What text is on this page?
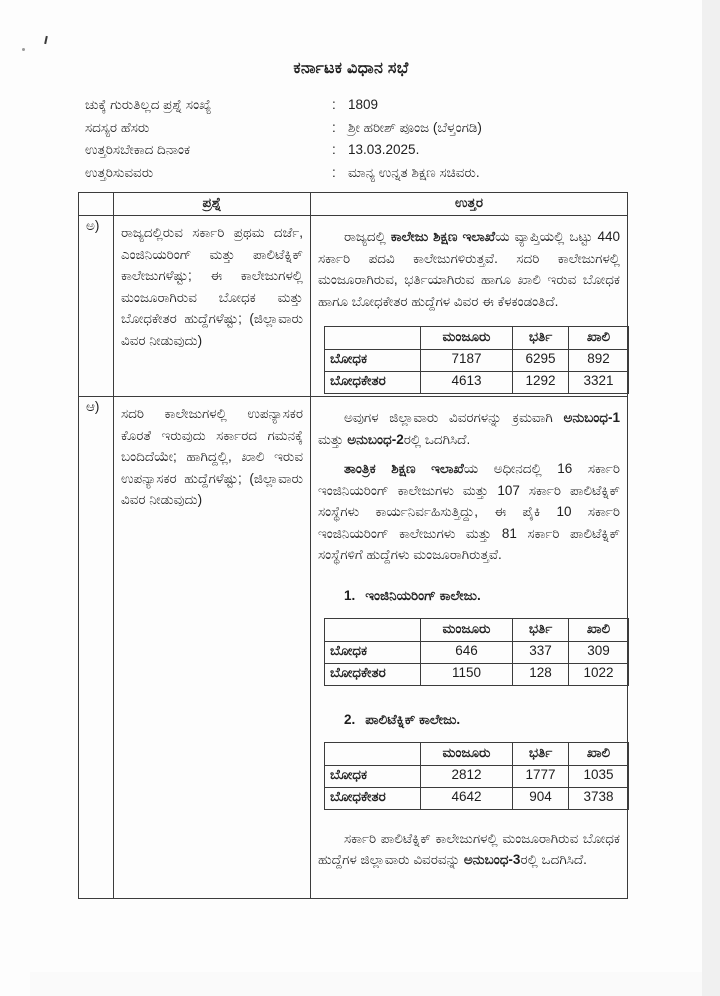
ಕರ್ನಾಟಕ ವಿಧಾನ ಸಭೆ
ಚುಕ್ಕೆ ಗುರುತಿಲ್ಲದ ಪ್ರಶ್ನೆ ಸಂಖ್ಯೆ	: 1809
ಸದಸ್ಯರ ಹೆಸರು	: ಶ್ರೀ ಹರೀಶ್ ಪೂಂಜ (ಬೆಳ್ತಂಗಡಿ)
ಉತ್ತರಿಸಬೇಕಾದ ದಿನಾಂಕ	: 13.03.2025.
ಉತ್ತರಿಸುವವರು	: ಮಾನ್ಯ ಉನ್ನತ ಶಿಕ್ಷಣ ಸಚಿವರು.
	ಪ್ರಶ್ನೆ	ಉತ್ತರ
ಅ)	ರಾಜ್ಯದಲ್ಲಿರುವ ಸರ್ಕಾರಿ ಪ್ರಥಮ ದರ್ಜೆ, ಎಂಜಿನಿಯರಿಂಗ್ ಮತ್ತು ಪಾಲಿಟೆಕ್ನಿಕ್ ಕಾಲೇಜುಗಳೆಷ್ಟು; ಈ ಕಾಲೇಜುಗಳಲ್ಲಿ ಮಂಜೂರಾಗಿರುವ ಬೋಧಕ ಮತ್ತು ಬೋಧಕೇತರ ಹುದ್ದೆಗಳೆಷ್ಟು; (ಜಿಲ್ಲಾವಾರು ವಿವರ ನೀಡುವುದು)

ರಾಜ್ಯದಲ್ಲಿ ಕಾಲೇಜು ಶಿಕ್ಷಣ ಇಲಾಖೆಯ ವ್ಯಾಪ್ತಿಯಲ್ಲಿ ಒಟ್ಟು 440 ಸರ್ಕಾರಿ ಪದವಿ ಕಾಲೇಜುಗಳಿರುತ್ತವೆ. ಸದರಿ ಕಾಲೇಜುಗಳಲ್ಲಿ ಮಂಜೂರಾಗಿರುವ, ಭರ್ತಿಯಾಗಿರುವ ಹಾಗೂ ಖಾಲಿ ಇರುವ ಬೋಧಕ ಹಾಗೂ ಬೋಧಕೇತರ ಹುದ್ದೆಗಳ ವಿವರ ಈ ಕೆಳಕಂಡಂತಿದೆ.

	ಮಂಜೂರು	ಭರ್ತಿ	ಖಾಲಿ
ಬೋಧಕ	7187	6295	892
ಬೋಧಕೇತರ	4613	1292	3321

ಆ)	ಸದರಿ ಕಾಲೇಜುಗಳಲ್ಲಿ ಉಪನ್ಯಾಸಕರ ಕೊರತೆ ಇರುವುದು ಸರ್ಕಾರದ ಗಮನಕ್ಕೆ ಬಂದಿದೆಯೇ; ಹಾಗಿದ್ದಲ್ಲಿ, ಖಾಲಿ ಇರುವ ಉಪನ್ಯಾಸಕರ ಹುದ್ದೆಗಳೆಷ್ಟು; (ಜಿಲ್ಲಾವಾರು ವಿವರ ನೀಡುವುದು)

ಅವುಗಳ ಜಿಲ್ಲಾವಾರು ವಿವರಗಳನ್ನು ಕ್ರಮವಾಗಿ ಅನುಬಂಧ-1 ಮತ್ತು ಅನುಬಂಧ-2ರಲ್ಲಿ ಒದಗಿಸಿದೆ.

ತಾಂತ್ರಿಕ ಶಿಕ್ಷಣ ಇಲಾಖೆಯ ಅಧೀನದಲ್ಲಿ 16 ಸರ್ಕಾರಿ ಇಂಜಿನಿಯರಿಂಗ್ ಕಾಲೇಜುಗಳು ಮತ್ತು 107 ಸರ್ಕಾರಿ ಪಾಲಿಟೆಕ್ನಿಕ್ ಸಂಸ್ಥೆಗಳು ಕಾರ್ಯನಿರ್ವಹಿಸುತ್ತಿದ್ದು, ಈ ಪೈಕಿ 10 ಸರ್ಕಾರಿ ಇಂಜಿನಿಯರಿಂಗ್ ಕಾಲೇಜುಗಳು ಮತ್ತು 81 ಸರ್ಕಾರಿ ಪಾಲಿಟೆಕ್ನಿಕ್ ಸಂಸ್ಥೆಗಳಿಗೆ ಹುದ್ದೆಗಳು ಮಂಜೂರಾಗಿರುತ್ತವೆ.

1. ಇಂಜಿನಿಯರಿಂಗ್ ಕಾಲೇಜು.
	ಮಂಜೂರು	ಭರ್ತಿ	ಖಾಲಿ
ಬೋಧಕ	646	337	309
ಬೋಧಕೇತರ	1150	128	1022
2. ಪಾಲಿಟೆಕ್ನಿಕ್ ಕಾಲೇಜು.
	ಮಂಜೂರು	ಭರ್ತಿ	ಖಾಲಿ
ಬೋಧಕ	2812	1777	1035
ಬೋಧಕೇತರ	4642	904	3738

ಸರ್ಕಾರಿ ಪಾಲಿಟೆಕ್ನಿಕ್ ಕಾಲೇಜುಗಳಲ್ಲಿ ಮಂಜೂರಾಗಿರುವ ಬೋಧಕ ಹುದ್ದೆಗಳ ಜಿಲ್ಲಾವಾರು ವಿವರವನ್ನು ಅನುಬಂಧ-3ರಲ್ಲಿ ಒದಗಿಸಿದೆ.
